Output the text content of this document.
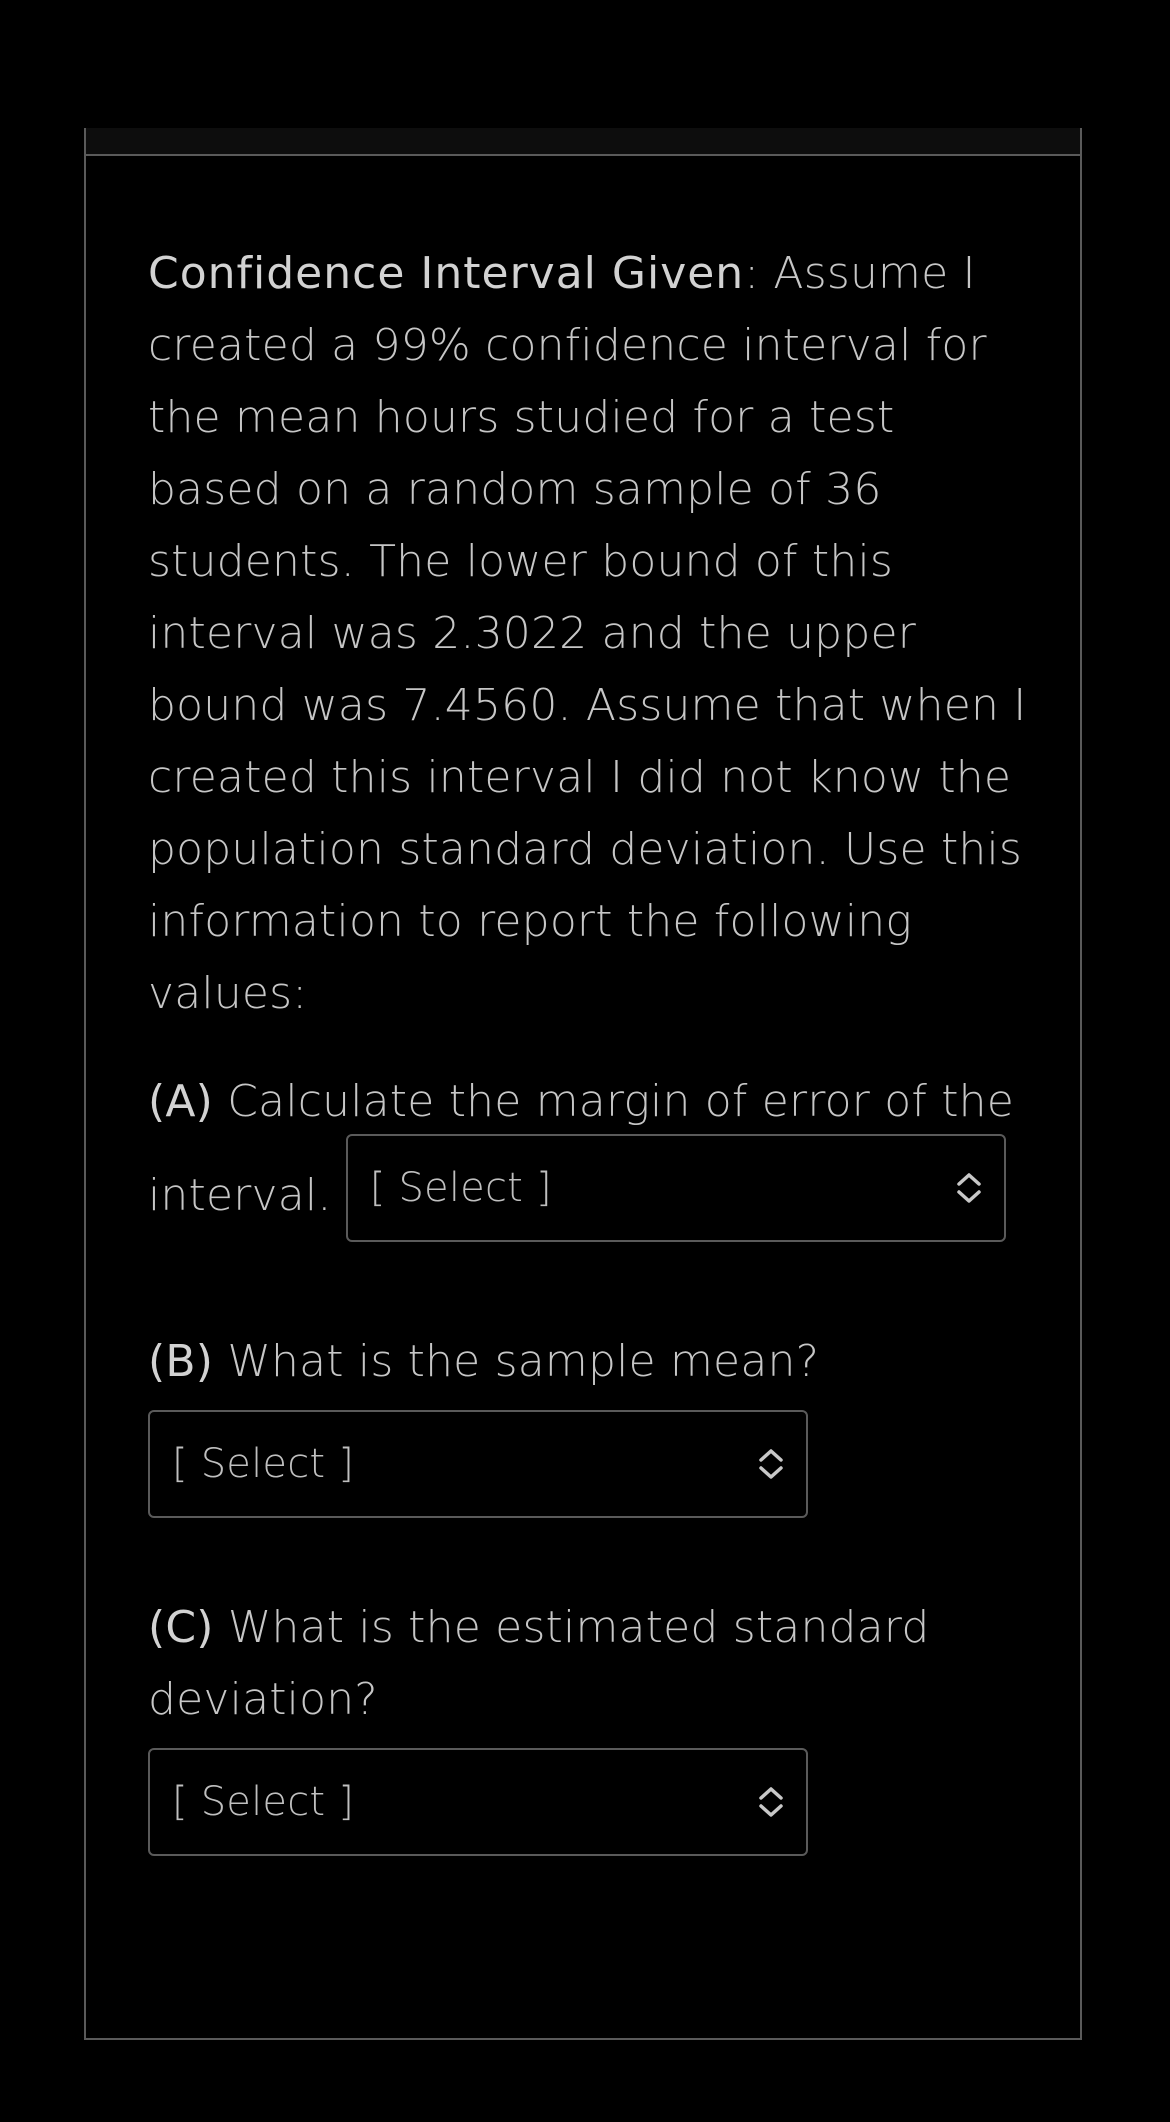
Confidence Interval Given: Assume I created a 99% confidence interval for the mean hours studied for a test based on a random sample of 36 students. The lower bound of this interval was 2.3022 and the upper bound was 7.4560. Assume that when I created this interval I did not know the population standard deviation. Use this information to report the following values:

(A) Calculate the margin of error of the
interval. [ Select ]
(B) What is the sample mean?
[ Select ]
(C) What is the estimated standard deviation?
[ Select ]
